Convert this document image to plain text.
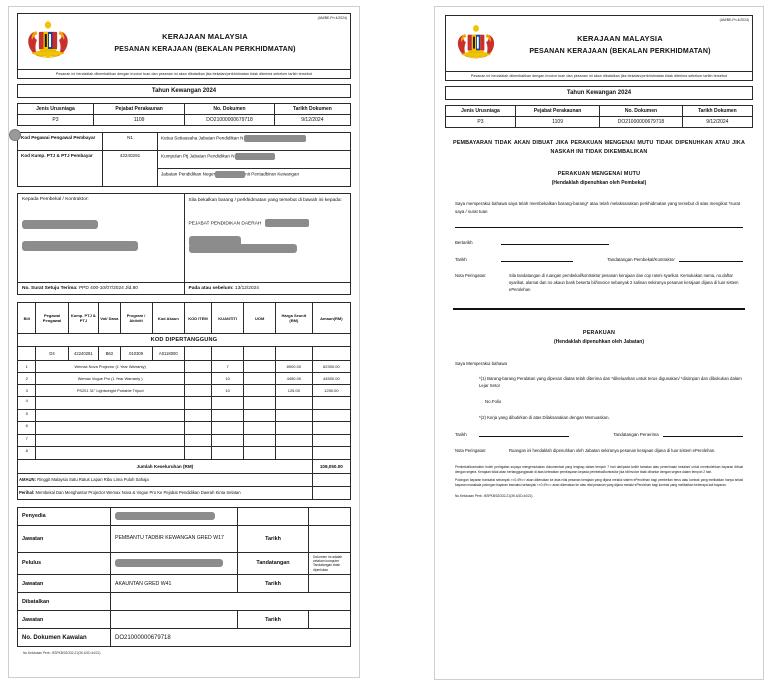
(AM/BE-Pn 4/2024)
KERAJAAN MALAYSIA
PESANAN KERAJAAN (BEKALAN PERKHIDMATAN)
Pesanan ini hendaklah dikembalikan dengan invoice tuan dan pesanan ini akan dibatalkan jika bekalan/perkhidmatan tidak diterima sebelum tarikh tersebut
Tahun Kewangan 2024
Jenis Urusniaga	Pejabat Perakaunan	No. Dokumen	Tarikh Dokumen
P3	1109	DO21000000679718	9/12/2024
Kod Pegawai Pengawal Pembayar	N1	Ketua Setiausaha Jabatan Pendidikan N
Kod Kump. PTJ & PTJ Pembayar	42240291	Kumpulan Ptj Jabatan Pendidikan N
		Jabatan Pendidikan Neger nit Pentadbiran Kewangan
Kepada Pembekal / Kontraktor:	Sila bekalkan barang / perkhidmatan yang tersebut di bawah ini kepada:
PEJABAT PENDIDIKAN DAERAH

No. Surat Setuju Terima: PPD 400-10/07/2024 Jld.80	Pada atau sebelum: 13/12/2024
KOD DIPERTANGGUNG										
Bill	Pegawai Pengawal	Kump. PTJ & PTJ	Vot/ Dana	Program / Aktiviti	Kod Akaun	KOD ITEM	KUANTITI	UOM	Harga Seunit (RM)	Amaun(RM)
	D4	42240291	B63	010309	A0118000					
1	Wemax Nova Projector (1 Year Warranty)						7		8900.00	62300.00
2	Wemax Vogue Pro (1 Year Warranty )						10		4450.00	44500.00
3	PS201 31" Lightweight Portable Tripod						10		125.00	1250.00
4										
5										
6										
7										
8										
Jumlah Keseluruhan (RM)										108,050.00
AMAUN: Ringgit Malaysia Satu Ratus Lapan Ribu Lima Puluh Sahaja										
Perihal: Membekal Dan Menghantar Projector Wemax Nova & Vogue Pro Ke Pejabat Pendidikan Daerah Kinta Selatan										
Penyedia	

Jawatan	PEMBANTU TADBIR KEWANGAN GRED W17	Tarikh	
Pelulus		Tandatangan	Dokumen ini adalah cetakan komputer Tandatangan tidak diperlukan
Jawatan	AKAUNTAN GRED W41	Tarikh	
Dibatalkan			
Jawatan		Tarikh	
No. Dokumen Kawalan	DO21000000679718		
No.Kelulusan Perb.: BSPKB/32/332-21(3K.6/JD.44/21)
(AM/BE-Pn 4/2024)
KERAJAAN MALAYSIA
PESANAN KERAJAAN (BEKALAN PERKHIDMATAN)
Pesanan ini hendaklah dikembalikan dengan invoice tuan dan pesanan ini akan dibatalkan jika bekalan/perkhidmatan tidak diterima sebelum tarikh tersebut
Tahun Kewangan 2024
Jenis Urusniaga	Pejabat Perakaunan	No. Dokumen	Tarikh Dokumen
P3	1109	DO21000000679718	9/12/2024
PEMBAYARAN TIDAK AKAN DIBUAT JIKA PERAKUAN MENGENAI MUTU TIDAK DIPENUHKAN ATAU JIKA NASKAH INI TIDAK DIKEMBALIKAN
PERAKUAN MENGENAI MUTU
(Hendaklah dipenuhkan oleh Pembekal)
Saya memperakui bahawa saya telah membekalkan barang-barang* atau telah melaksanakan perkhidmatan yang tersebut di atas mengikut *surat saya / surat tuan
Bertarikh
Tarikh	Tandatangan Pembekal/Kontraktor
Nota Peringatan:	Sila tandatangan di ruangan pembekal/kontraktor pesanan kerajaan dan cop rasmi syarikat. Kemukakan nama, no.daftar syarikat, alamat dan no akaun bank beserta bil/invoice sebanyak 2 salinan sekiranya pesanan kerajaan dijana di luar sistem ePerolehan
PERAKUAN
(Hendaklah dipenuhkan oleh Jabatan)
Saya Memperakui bahawa
*(1) Barang-barang Peralatan yang dipesan diatas telah diterima dan *dikeluarkan untuk terus digunakan/ *disimpan dan dibukukan dalam Lejar Setor
No.Folio
*(2) Kerja yang dibutirkan di atas Dilaksanakan dengan Memuaskan.
Tarikh	Tandatangan Penerima
Nota Peringatan:	Ruangan ini hendaklah dipenuhkan oleh Jabatan sekiranya pesanan kerajaan dijana di luar sistem ePerolehan.

Pembekal/kontraktor boleh peringatan supaya mengemukakan dokumentasi yang lengkap dalam tempoh 7 hari dari/pada tarikh tamatan atau penerimaan bekalan/ untuk membolehkan bayaran dibuat dengan segera. Kerajaan tidak akan bertanggungjawab di atas kelewatan pembayaran kepada pembekal/kontraktor jika bil/invoice tidak dihantar dengan segera dalam tempoh 2 hari.

Potongan bayaran transaksi sebanyak <<0.4%>> akan dikenakan ke atas nilai pesanan kerajaan yang dijana melalui sistem ePerolehan bagi pembelian terus atau kontrak yang melibatkan hanya sekali bayaran manakala potongan bayaran transaksi sebanyak <<0.4%>> akan dikenakan ke atas nilai pesanan yang dijana melalui ePerolehan bagi kontrak yang melibatkan beberapa kali bayaran.

No.Kelulusan Perb.: BSPKB/32/332-21(3K.6/JD.44/21)
